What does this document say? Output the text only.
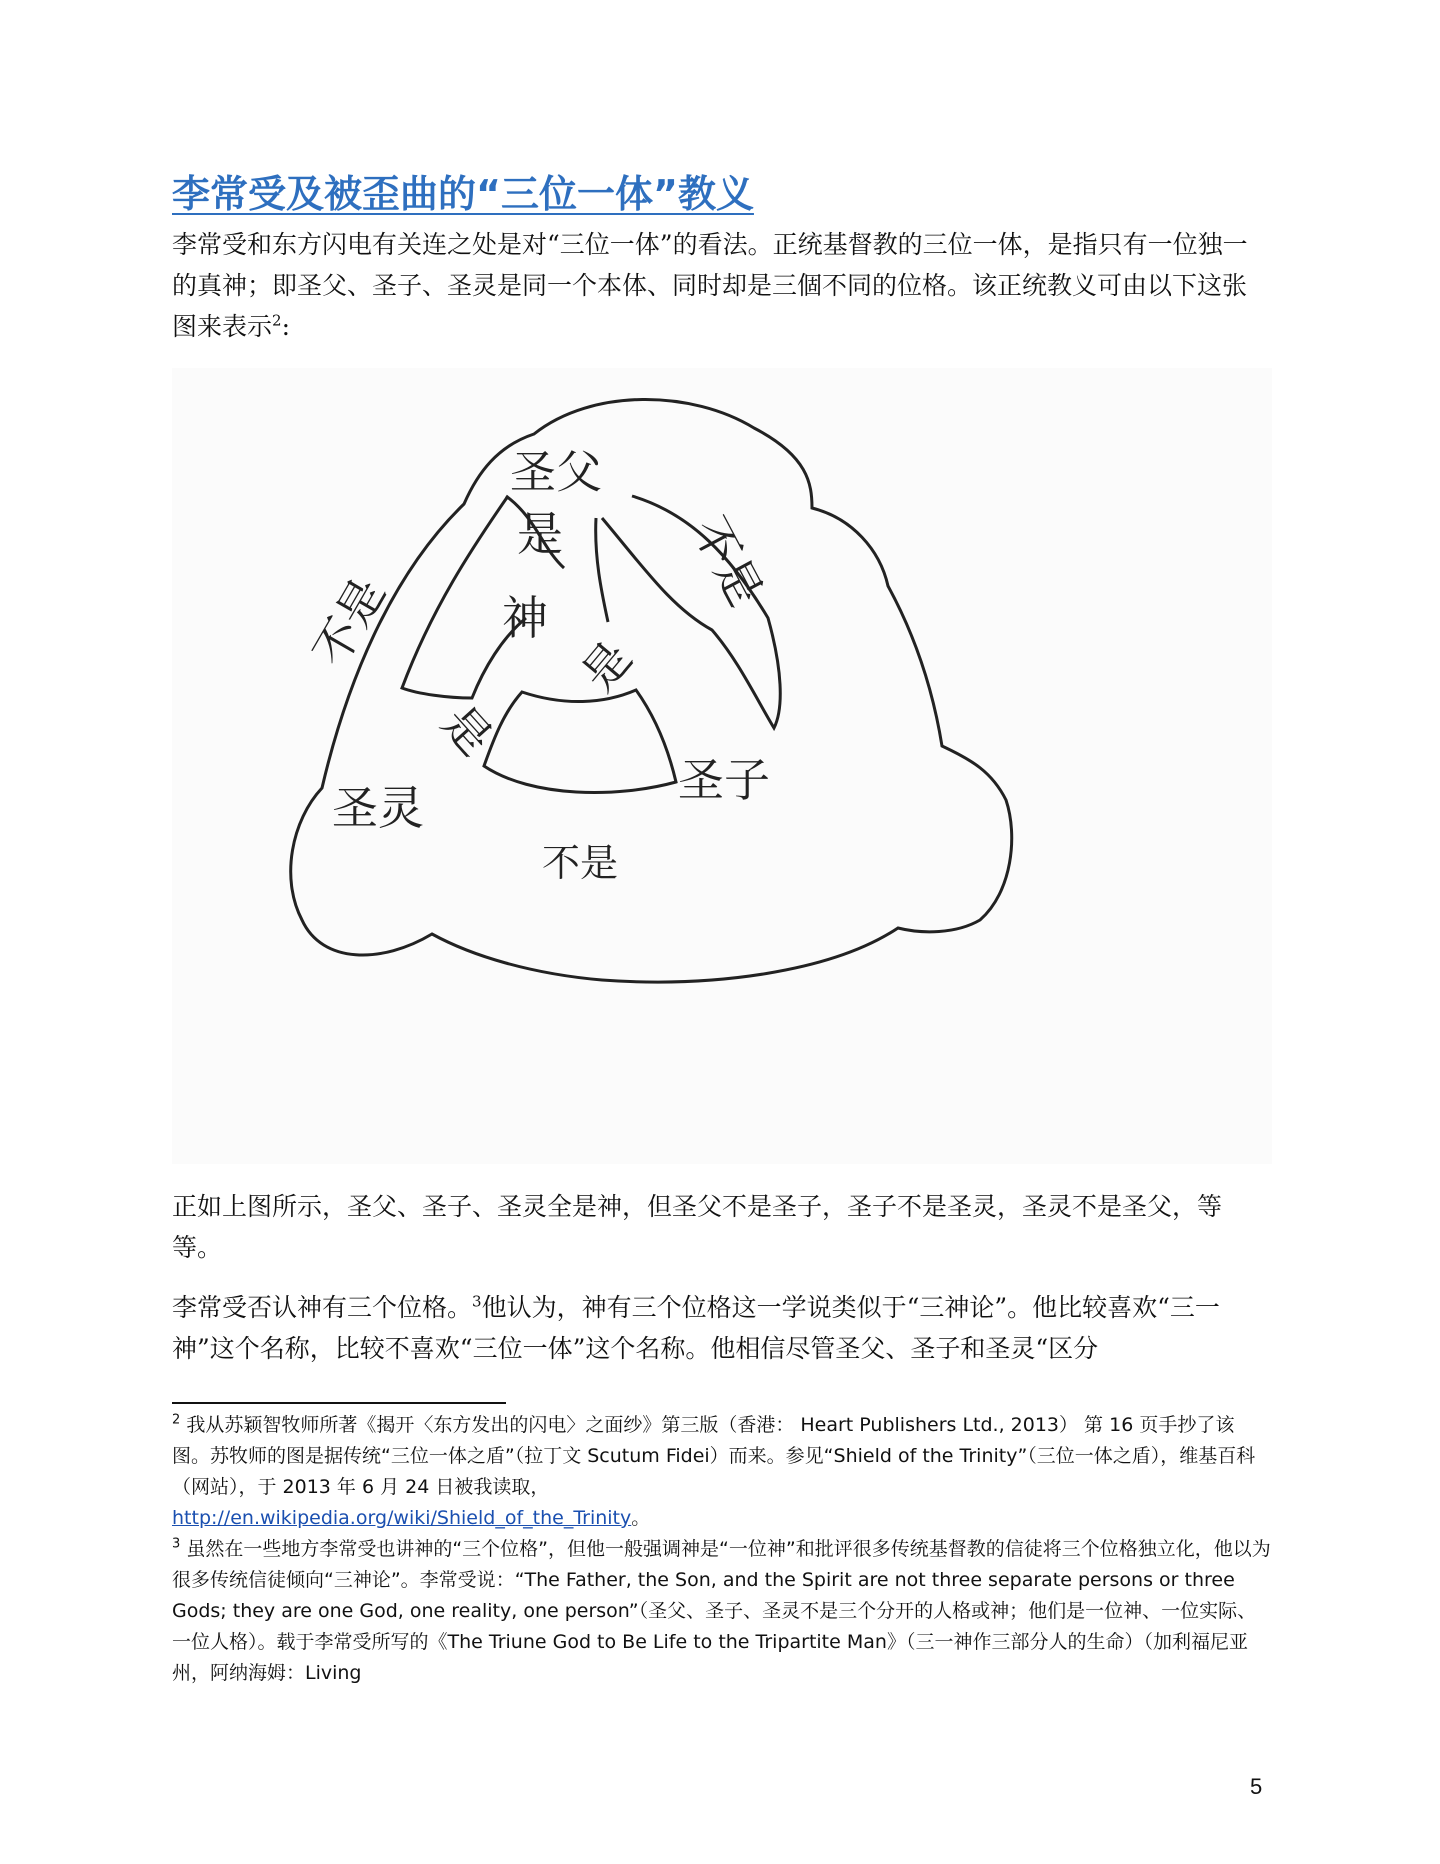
李常受及被歪曲的“三位一体”教义

李常受和东方闪电有关连之处是对“三位一体”的看法。正统基督教的三位一体，是指只有一位独一的真神；即圣父、圣子、圣灵是同一个本体、同时却是三個不同的位格。该正统教义可由以下这张图来表示$^2$:

圣父
是
神
是
是
不是
不是
圣灵
圣子
不是

正如上图所示，圣父、圣子、圣灵全是神，但圣父不是圣子，圣子不是圣灵，圣灵不是圣父，等等。

李常受否认神有三个位格。$^3$他认为，神有三个位格这一学说类似于“三神论”。他比较喜欢“三一神”这个名称，比较不喜欢“三位一体”这个名称。他相信尽管圣父、圣子和圣灵“区分

$^2$ 我从苏颖智牧师所著《揭开〈东方发出的闪电〉之面纱》第三版（香港： Heart Publishers Ltd., 2013） 第 16 页手抄了该图。苏牧师的图是据传统“三位一体之盾”（拉丁文 Scutum Fidei）而来。参见“Shield of the Trinity”（三位一体之盾），维基百科（网站），于 2013 年 6 月 24 日被我读取，
http://en.wikipedia.org/wiki/Shield_of_the_Trinity。

$^3$ 虽然在一些地方李常受也讲神的“三个位格”，但他一般强调神是“一位神”和批评很多传统基督教的信徒将三个位格独立化，他以为很多传统信徒倾向“三神论”。李常受说：“The Father, the Son, and the Spirit are not three separate persons or three Gods; they are one God, one reality, one person”（圣父、圣子、圣灵不是三个分开的人格或神；他们是一位神、一位实际、一位人格）。载于李常受所写的《The Triune God to Be Life to the Tripartite Man》（三一神作三部分人的生命）（加利福尼亚州，阿纳海姆：Living

5
